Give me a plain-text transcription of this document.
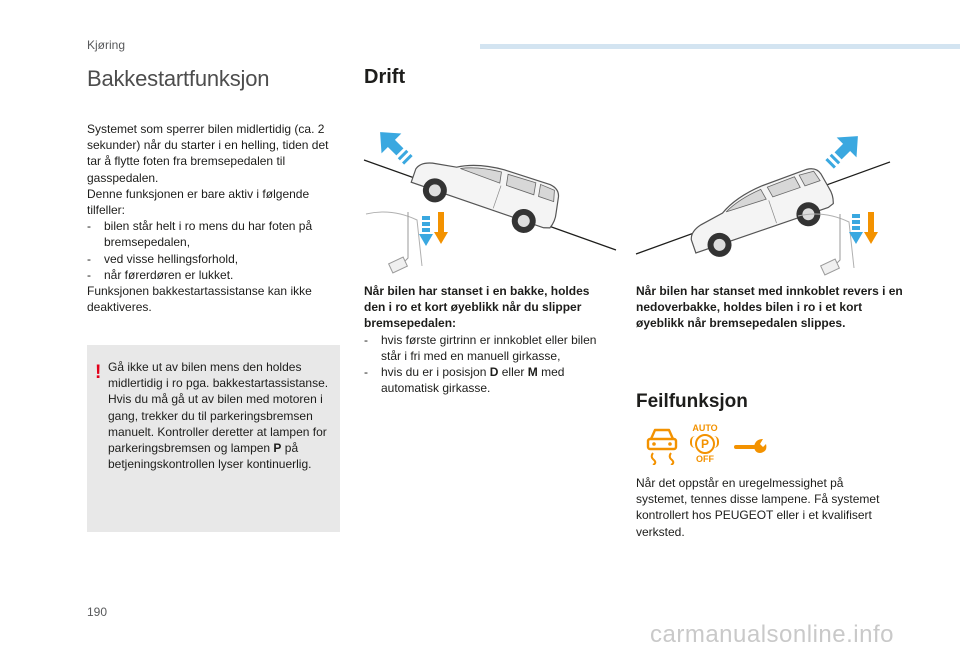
Kjøring
Bakkestartfunksjon
Systemet som sperrer bilen midlertidig (ca. 2 sekunder) når du starter i en helling, tiden det tar å flytte foten fra bremsepedalen til gasspedalen.
Denne funksjonen er bare aktiv i følgende tilfeller:
- bilen står helt i ro mens du har foten på bremsepedalen,
- ved visse hellingsforhold,
- når førerdøren er lukket.
Funksjonen bakkestartassistanse kan ikke deaktiveres.
! Gå ikke ut av bilen mens den holdes midlertidig i ro pga. bakkestartassistanse. Hvis du må gå ut av bilen med motoren i gang, trekker du til parkeringsbremsen manuelt. Kontroller deretter at lampen for parkeringsbremsen og lampen P på betjeningskontrollen lyser kontinuerlig.
Drift
Når bilen har stanset i en bakke, holdes den i ro et kort øyeblikk når du slipper bremsepedalen:
- hvis første girtrinn er innkoblet eller bilen står i fri med en manuell girkasse,
- hvis du er i posisjon D eller M med automatisk girkasse.
Når bilen har stanset med innkoblet revers i en nedoverbakke, holdes bilen i ro i et kort øyeblikk når bremsepedalen slippes.
Feilfunksjon
AUTO
P
OFF
Når det oppstår en uregelmessighet på systemet, tennes disse lampene. Få systemet kontrollert hos PEUGEOT eller i et kvalifisert verksted.
190
carmanualsonline.info
